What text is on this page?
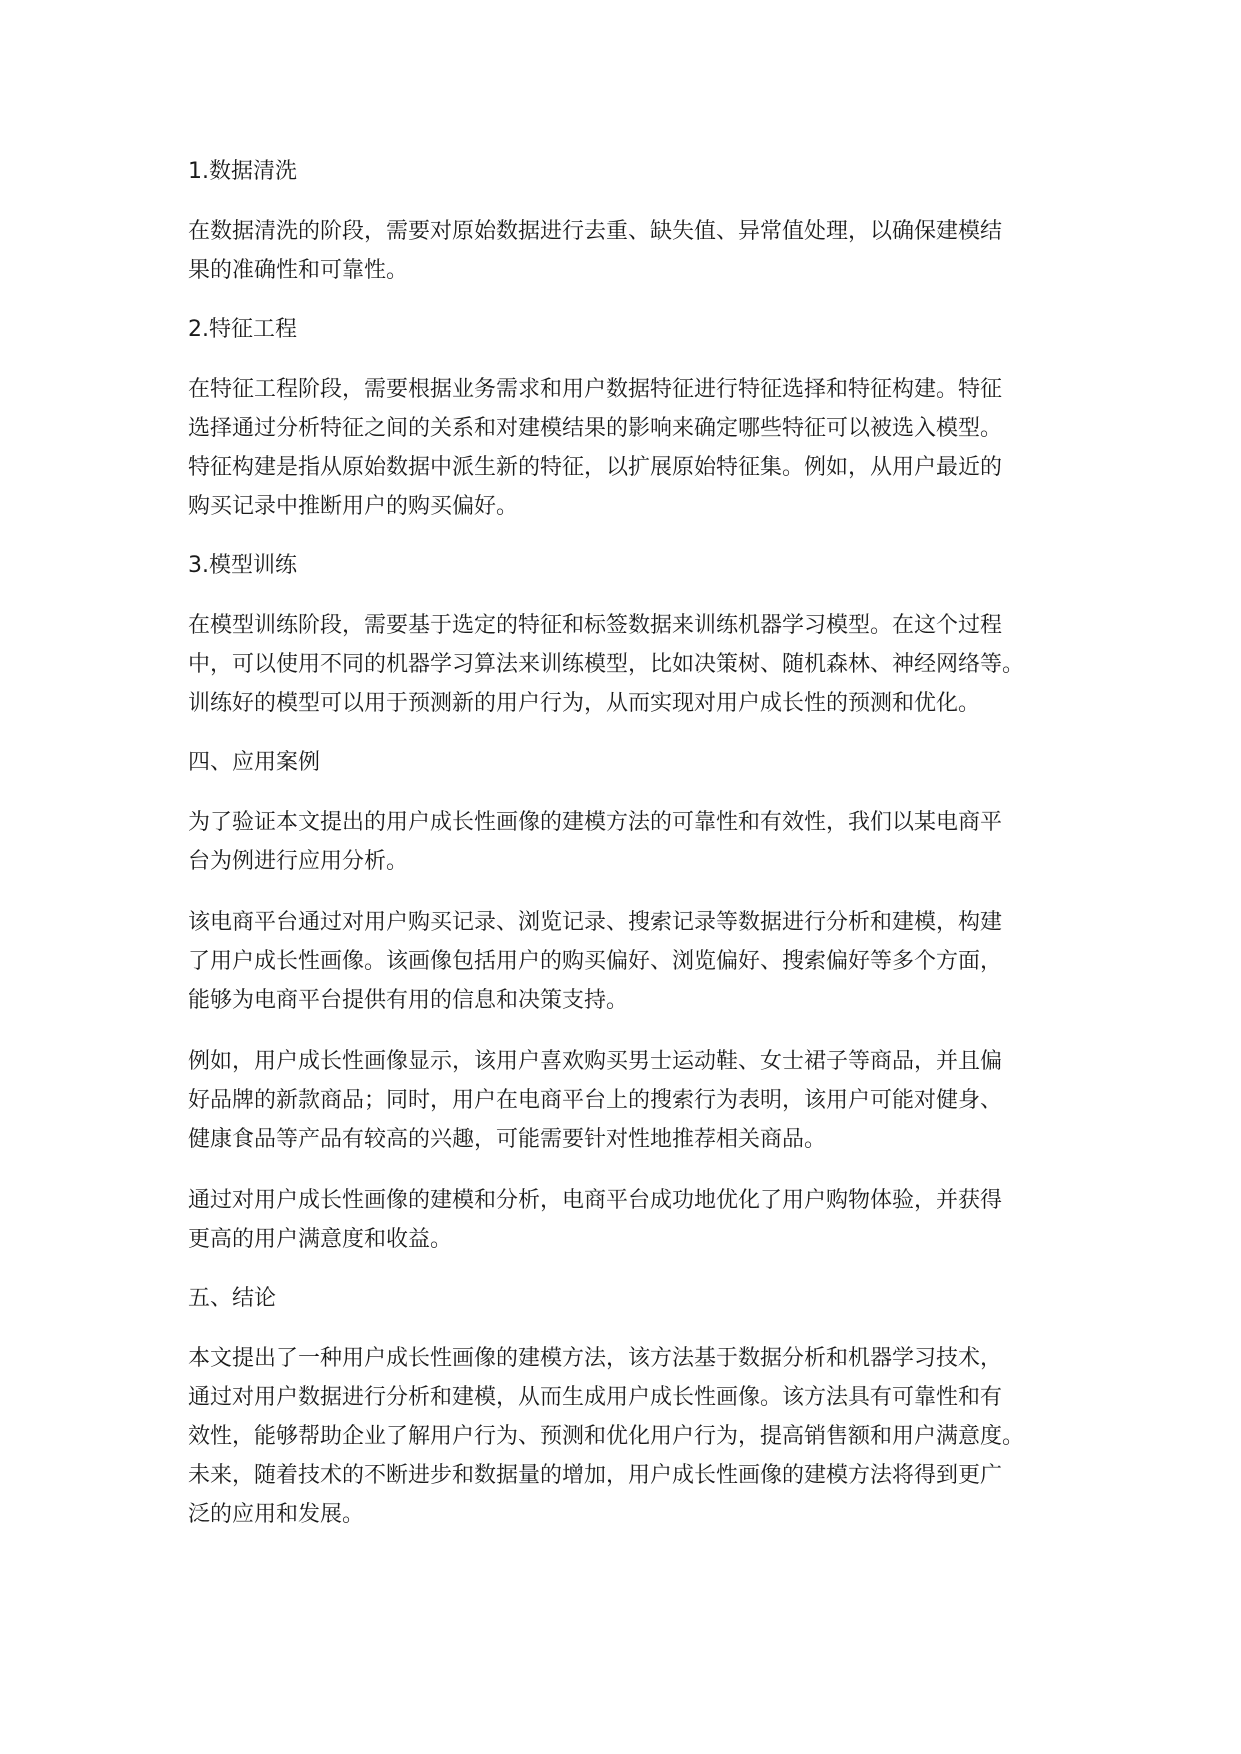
1.数据清洗
在数据清洗的阶段，需要对原始数据进行去重、缺失值、异常值处理，以确保建模结
果的准确性和可靠性。
2.特征工程
在特征工程阶段，需要根据业务需求和用户数据特征进行特征选择和特征构建。特征
选择通过分析特征之间的关系和对建模结果的影响来确定哪些特征可以被选入模型。
特征构建是指从原始数据中派生新的特征，以扩展原始特征集。例如，从用户最近的
购买记录中推断用户的购买偏好。
3.模型训练
在模型训练阶段，需要基于选定的特征和标签数据来训练机器学习模型。在这个过程
中，可以使用不同的机器学习算法来训练模型，比如决策树、随机森林、神经网络等。
训练好的模型可以用于预测新的用户行为，从而实现对用户成长性的预测和优化。
四、应用案例
为了验证本文提出的用户成长性画像的建模方法的可靠性和有效性，我们以某电商平
台为例进行应用分析。
该电商平台通过对用户购买记录、浏览记录、搜索记录等数据进行分析和建模，构建
了用户成长性画像。该画像包括用户的购买偏好、浏览偏好、搜索偏好等多个方面，
能够为电商平台提供有用的信息和决策支持。
例如，用户成长性画像显示，该用户喜欢购买男士运动鞋、女士裙子等商品，并且偏
好品牌的新款商品；同时，用户在电商平台上的搜索行为表明，该用户可能对健身、
健康食品等产品有较高的兴趣，可能需要针对性地推荐相关商品。
通过对用户成长性画像的建模和分析，电商平台成功地优化了用户购物体验，并获得
更高的用户满意度和收益。
五、结论
本文提出了一种用户成长性画像的建模方法，该方法基于数据分析和机器学习技术，
通过对用户数据进行分析和建模，从而生成用户成长性画像。该方法具有可靠性和有
效性，能够帮助企业了解用户行为、预测和优化用户行为，提高销售额和用户满意度。
未来，随着技术的不断进步和数据量的增加，用户成长性画像的建模方法将得到更广
泛的应用和发展。
